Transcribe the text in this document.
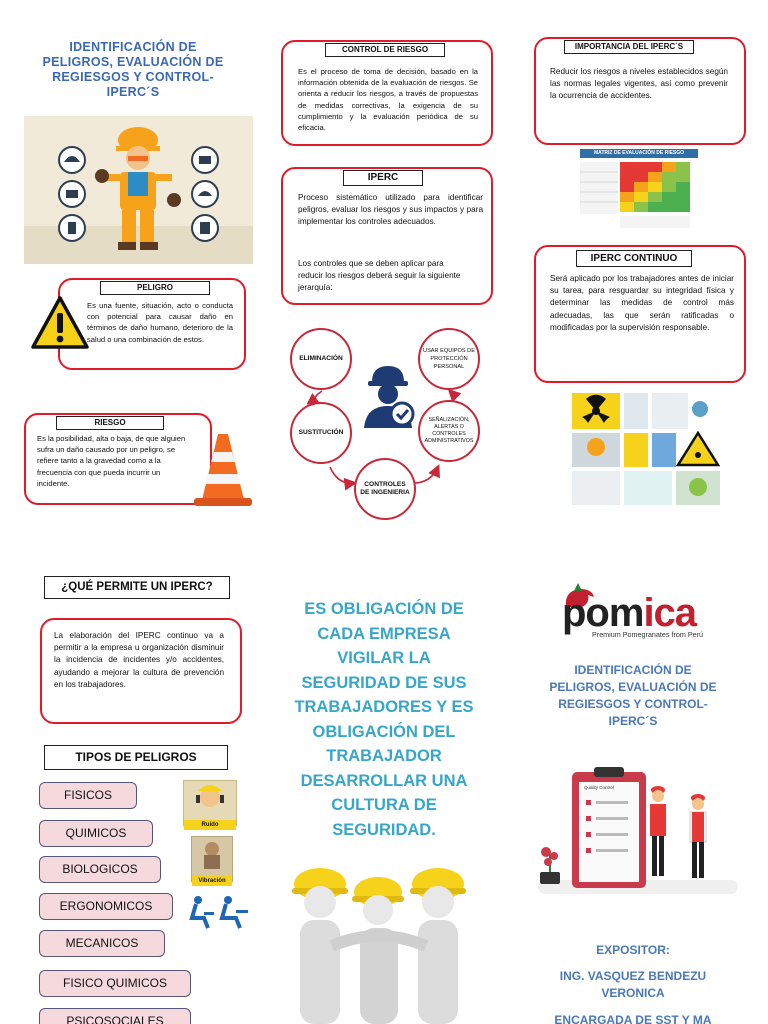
IDENTIFICACIÓN DE PELIGROS, EVALUACIÓN DE REGIESGOS Y CONTROL- IPERC´S
PELIGRO
Es una fuente, situación, acto o conducta con potencial para causar daño en términos de daño humano, deterioro de la salud o una combinación de estos.
RIESGO
Es la posibilidad, alta o baja, de que alguien sufra un daño causado por un peligro, se refiere tanto a la gravedad como a la frecuencia con que pueda incurrir un incidente.
CONTROL DE RIESGO
Es el proceso de toma de decisión, basado en la información obtenida de la evaluación de riesgos. Se orienta a reducir los riesgos, a través de propuestas de medidas correctivas, la exigencia de su cumplimiento y la evaluación periódica de su eficacia.
IPERC
Proceso sistemático utilizado para identificar peligros, evaluar los riesgos y sus impactos y para implementar los controles adecuados.
Los controles que se deben aplicar para reducir los riesgos deberá seguir la siguiente jerarquía:
ELIMINACIÓN
SUSTITUCIÓN
CONTROLES DE INGENIERIA
SEÑALIZACIÓN, ALERTAS O CONTROLES ADMINISTRATIVOS
USAR EQUIPOS DE PROTECCIÓN PERSONAL
IMPORTANCIA DEL IPERC´S
Reducir los riesgos a niveles establecidos según las normas legales vigentes, así como prevenir la ocurrencia de accidentes.
MATRIZ DE EVALUACIÓN DE RIESGO
IPERC CONTINUO
Será aplicado por los trabajadores antes de iniciar su tarea, para resguardar su integridad física y determinar las medidas de control más adecuadas, las que serán ratificadas o modificadas por la supervisión responsable.
¿QUÉ PERMITE UN IPERC?
La elaboración del IPERC continuo va a permitir a la empresa u organización disminuir la incidencia de incidentes y/o accidentes, ayudando a mejorar la cultura de prevención en los trabajadores.
TIPOS DE PELIGROS
FISICOS
QUIMICOS
BIOLOGICOS
ERGONOMICOS
MECANICOS
FISICO QUIMICOS
PSICOSOCIALES
Ruido
Vibración
ES OBLIGACIÓN DE CADA EMPRESA VIGILAR LA SEGURIDAD DE SUS TRABAJADORES Y ES OBLIGACIÓN DEL TRABAJADOR DESARROLLAR UNA CULTURA DE SEGURIDAD.
pomica
Premium Pomegranates from Perú
IDENTIFICACIÓN DE PELIGROS, EVALUACIÓN DE REGIESGOS Y CONTROL- IPERC´S
Quality Control
EXPOSITOR:
ING. VASQUEZ BENDEZU VERONICA
ENCARGADA DE SST Y MA
